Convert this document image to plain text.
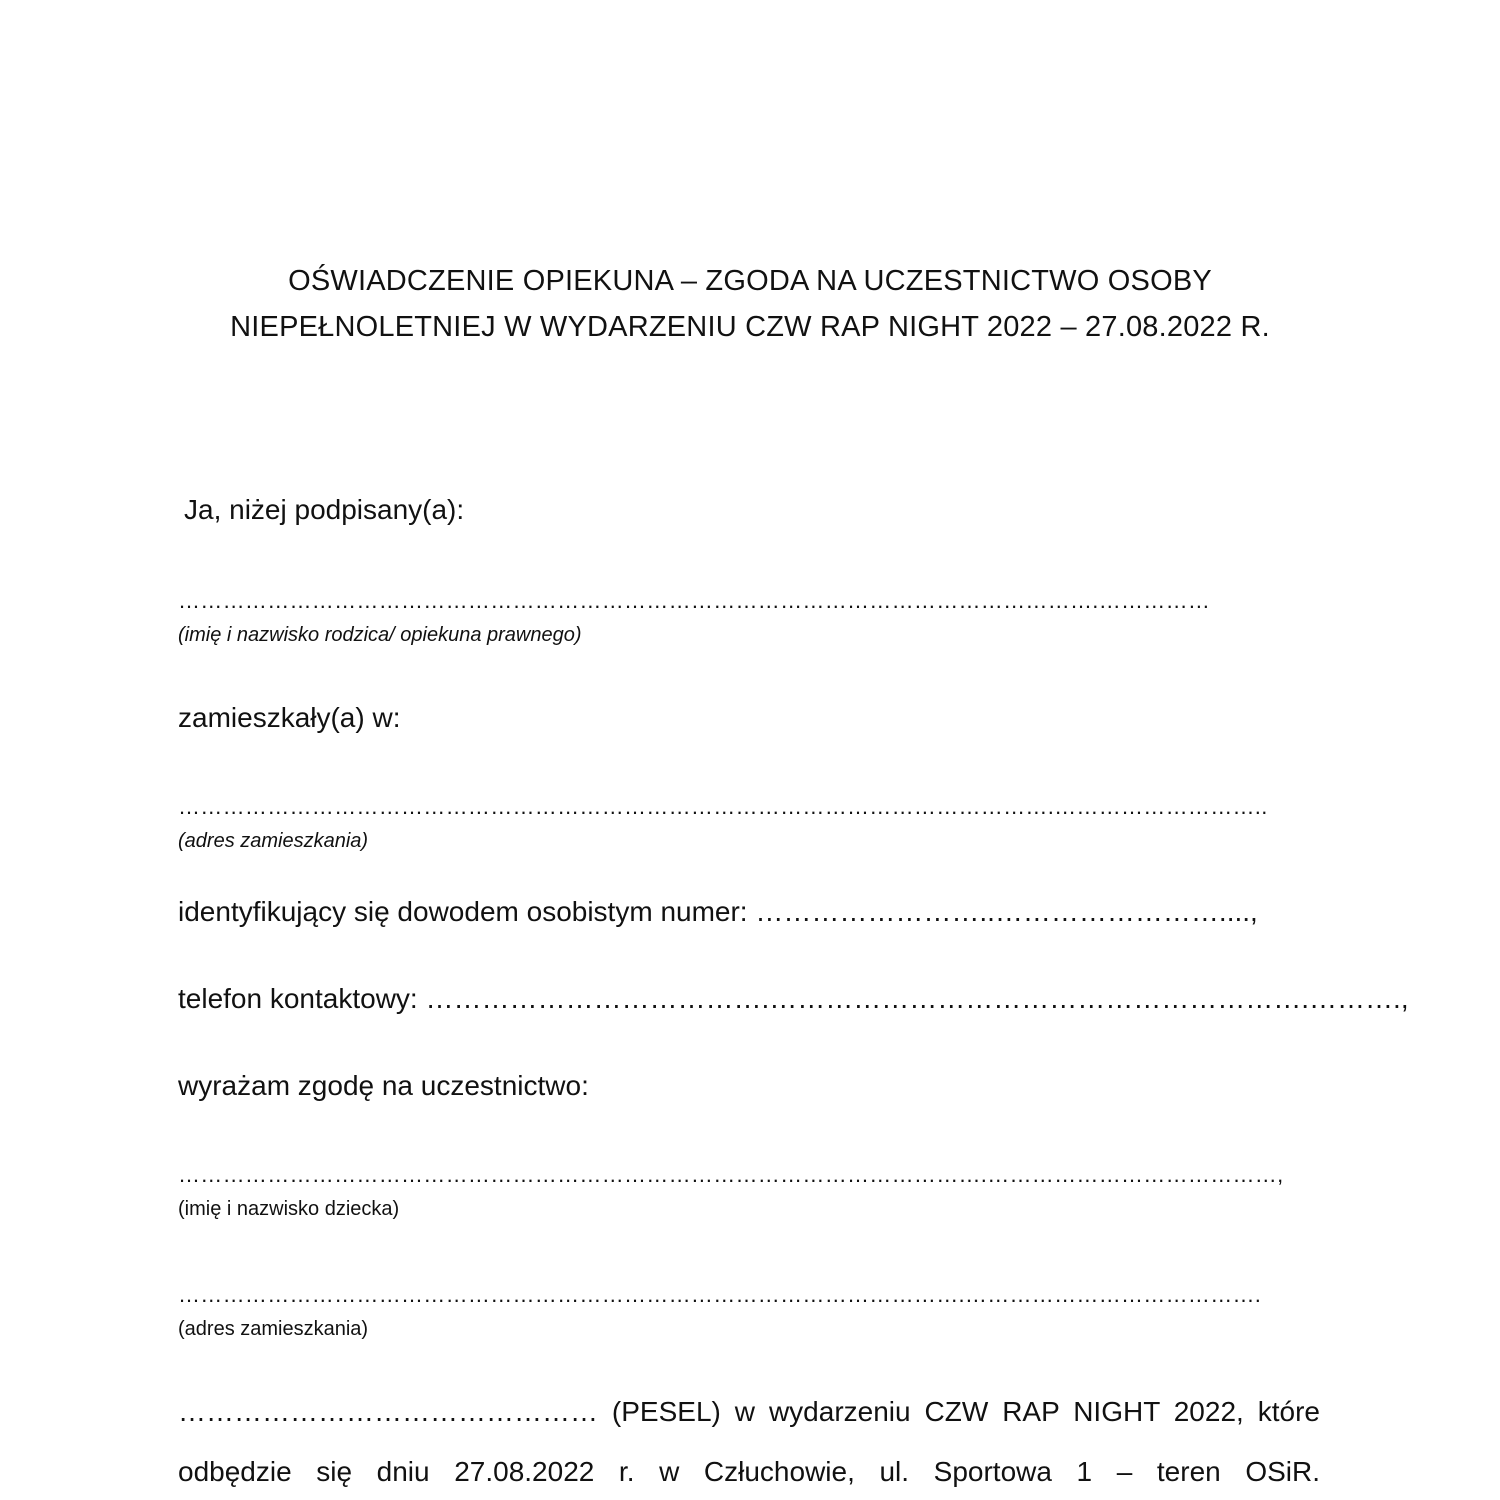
OŚWIADCZENIE OPIEKUNA – ZGODA NA UCZESTNICTWO OSOBY
NIEPEŁNOLETNIEJ W WYDARZENIU CZW RAP NIGHT 2022 – 27.08.2022 R.
Ja, niżej podpisany(a):
…………………………………………………………………………………………………………….……………
(imię i nazwisko rodzica/ opiekuna prawnego)
zamieszkały(a) w:
……………………………………………………………………………………………………….………………………..
(adres zamieszkania)
identyfikujący się dowodem osobistym numer: ……………………..……………………....,
telefon kontaktowy: ……………………………….………………………………………………….……….,
wyrażam zgodę na uczestnictwo:
……………………………………………………………………………………………….…………………………………,
(imię i nazwisko dziecka)
…………………………………………………………………………………………….………………………………….
(adres zamieszkania)
……………………………………… (PESEL) w wydarzeniu CZW RAP NIGHT 2022, które
odbędzie się dniu 27.08.2022 r. w Człuchowie, ul. Sportowa 1 – teren OSiR.
